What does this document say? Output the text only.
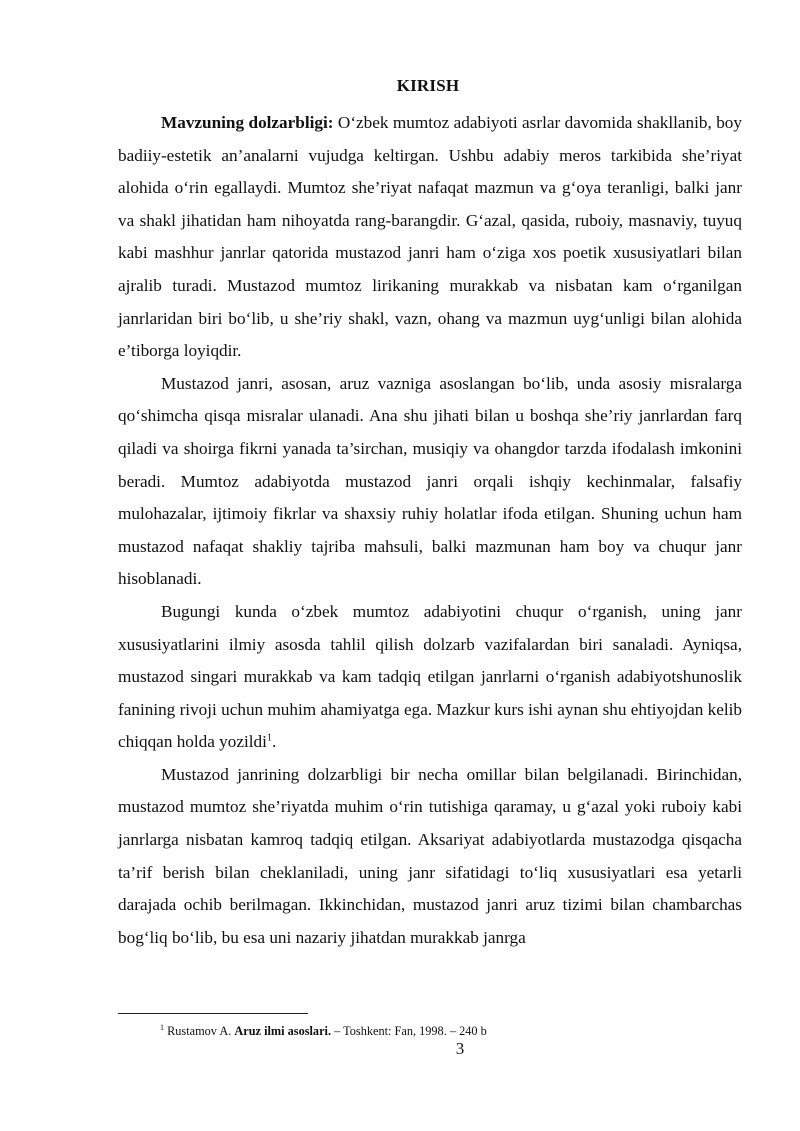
KIRISH

Mavzuning dolzarbligi: O‘zbek mumtoz adabiyoti asrlar davomida shakllanib, boy badiiy-estetik an’analarni vujudga keltirgan. Ushbu adabiy meros tarkibida she’riyat alohida o‘rin egallaydi. Mumtoz she’riyat nafaqat mazmun va g‘oya teranligi, balki janr va shakl jihatidan ham nihoyatda rang-barangdir. G‘azal, qasida, ruboiy, masnaviy, tuyuq kabi mashhur janrlar qatorida mustazod janri ham o‘ziga xos poetik xususiyatlari bilan ajralib turadi. Mustazod mumtoz lirikaning murakkab va nisbatan kam o‘rganilgan janrlaridan biri bo‘lib, u she’riy shakl, vazn, ohang va mazmun uyg‘unligi bilan alohida e’tiborga loyiqdir.

Mustazod janri, asosan, aruz vazniga asoslangan bo‘lib, unda asosiy misralarga qo‘shimcha qisqa misralar ulanadi. Ana shu jihati bilan u boshqa she’riy janrlardan farq qiladi va shoirga fikrni yanada ta’sirchan, musiqiy va ohangdor tarzda ifodalash imkonini beradi. Mumtoz adabiyotda mustazod janri orqali ishqiy kechinmalar, falsafiy mulohazalar, ijtimoiy fikrlar va shaxsiy ruhiy holatlar ifoda etilgan. Shuning uchun ham mustazod nafaqat shakliy tajriba mahsuli, balki mazmunan ham boy va chuqur janr hisoblanadi.

Bugungi kunda o‘zbek mumtoz adabiyotini chuqur o‘rganish, uning janr xususiyatlarini ilmiy asosda tahlil qilish dolzarb vazifalardan biri sanaladi. Ayniqsa, mustazod singari murakkab va kam tadqiq etilgan janrlarni o‘rganish adabiyotshunoslik fanining rivoji uchun muhim ahamiyatga ega. Mazkur kurs ishi aynan shu ehtiyojdan kelib chiqqan holda yozildi$^1$.

Mustazod janrining dolzarbligi bir necha omillar bilan belgilanadi. Birinchidan, mustazod mumtoz she’riyatda muhim o‘rin tutishiga qaramay, u g‘azal yoki ruboiy kabi janrlarga nisbatan kamroq tadqiq etilgan. Aksariyat adabiyotlarda mustazodga qisqacha ta’rif berish bilan cheklaniladi, uning janr sifatidagi to‘liq xususiyatlari esa yetarli darajada ochib berilmagan. Ikkinchidan, mustazod janri aruz tizimi bilan chambarchas bog‘liq bo‘lib, bu esa uni nazariy jihatdan murakkab janrga

$^1$ Rustamov A. Aruz ilmi asoslari. – Toshkent: Fan, 1998. – 240 b
3
